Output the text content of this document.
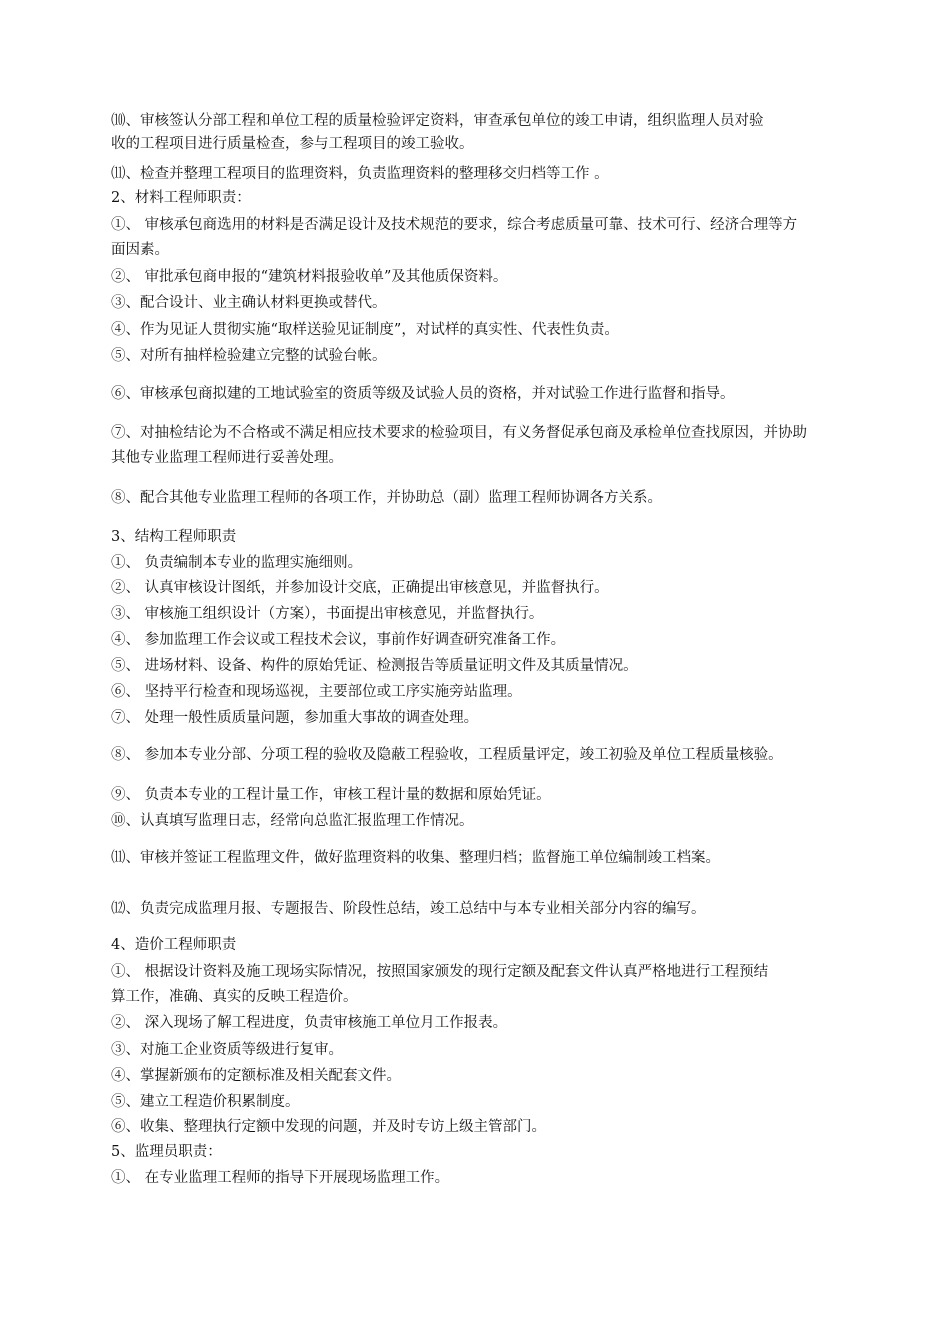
⑽、审核签认分部工程和单位工程的质量检验评定资料，审查承包单位的竣工申请，组织监理人员对验
收的工程项目进行质量检查，参与工程项目的竣工验收。
⑾、检查并整理工程项目的监理资料，负责监理资料的整理移交归档等工作 。
2、材料工程师职责：
①、 审核承包商选用的材料是否满足设计及技术规范的要求，综合考虑质量可靠、技术可行、经济合理等方
面因素。
②、 审批承包商申报的“建筑材料报验收单”及其他质保资料。
③、配合设计、业主确认材料更换或替代。
④、作为见证人贯彻实施“取样送验见证制度”，对试样的真实性、代表性负责。
⑤、对所有抽样检验建立完整的试验台帐。
⑥、审核承包商拟建的工地试验室的资质等级及试验人员的资格，并对试验工作进行监督和指导。
⑦、对抽检结论为不合格或不满足相应技术要求的检验项目，有义务督促承包商及承检单位查找原因，并协助
其他专业监理工程师进行妥善处理。
⑧、配合其他专业监理工程师的各项工作，并协助总（副）监理工程师协调各方关系。
3、结构工程师职责
①、 负责编制本专业的监理实施细则。
②、 认真审核设计图纸，并参加设计交底，正确提出审核意见，并监督执行。
③、 审核施工组织设计（方案），书面提出审核意见，并监督执行。
④、 参加监理工作会议或工程技术会议，事前作好调查研究准备工作。
⑤、 进场材料、设备、构件的原始凭证、检测报告等质量证明文件及其质量情况。
⑥、 坚持平行检查和现场巡视，主要部位或工序实施旁站监理。
⑦、 处理一般性质质量问题，参加重大事故的调查处理。
⑧、 参加本专业分部、分项工程的验收及隐蔽工程验收，工程质量评定，竣工初验及单位工程质量核验。
⑨、 负责本专业的工程计量工作，审核工程计量的数据和原始凭证。
⑩、认真填写监理日志，经常向总监汇报监理工作情况。
⑾、审核并签证工程监理文件，做好监理资料的收集、整理归档；监督施工单位编制竣工档案。
⑿、负责完成监理月报、专题报告、阶段性总结，竣工总结中与本专业相关部分内容的编写。
4、造价工程师职责
①、 根据设计资料及施工现场实际情况，按照国家颁发的现行定额及配套文件认真严格地进行工程预结
算工作，准确、真实的反映工程造价。
②、 深入现场了解工程进度，负责审核施工单位月工作报表。
③、对施工企业资质等级进行复审。
④、掌握新颁布的定额标准及相关配套文件。
⑤、建立工程造价积累制度。
⑥、收集、整理执行定额中发现的问题，并及时专访上级主管部门。
5、监理员职责：
①、 在专业监理工程师的指导下开展现场监理工作。
